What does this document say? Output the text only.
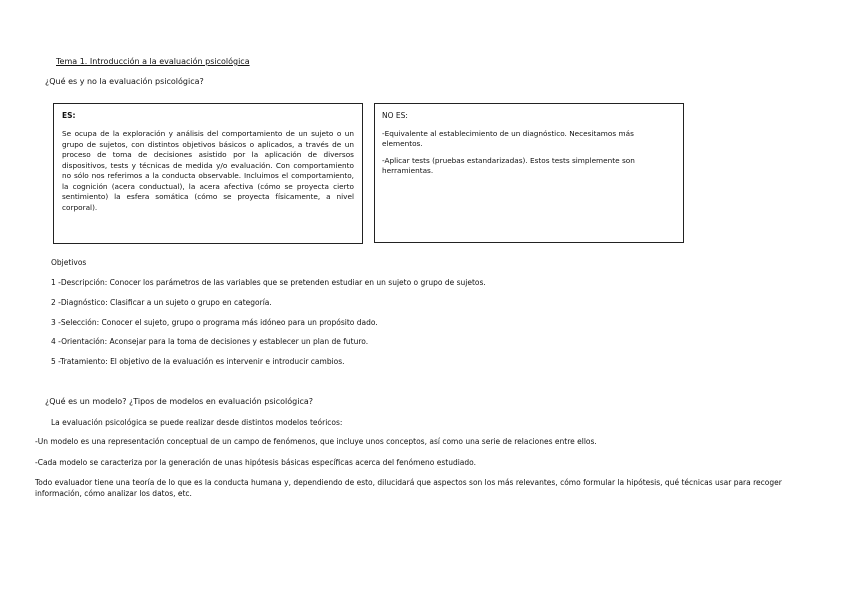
Tema 1. Introducción a la evaluación psicológica
¿Qué es y no la evaluación psicológica?
ES:
Se ocupa de la exploración y análisis del comportamiento de un sujeto o un grupo de sujetos, con distintos objetivos básicos o aplicados, a través de un proceso de toma de decisiones asistido por la aplicación de diversos dispositivos, tests y técnicas de medida y/o evaluación. Con comportamiento no sólo nos referimos a la conducta observable. Incluimos el comportamiento, la cognición (acera conductual), la acera afectiva (cómo se proyecta cierto sentimiento) la esfera somática (cómo se proyecta físicamente, a nivel corporal).
NO ES:
-Equivalente al establecimiento de un diagnóstico. Necesitamos más elementos.
-Aplicar tests (pruebas estandarizadas). Estos tests simplemente son herramientas.
Objetivos
1 -Descripción: Conocer los parámetros de las variables que se pretenden estudiar en un sujeto o grupo de sujetos.
2 -Diagnóstico: Clasificar a un sujeto o grupo en categoría.
3 -Selección: Conocer el sujeto, grupo o programa más idóneo para un propósito dado.
4 -Orientación: Aconsejar para la toma de decisiones y establecer un plan de futuro.
5 -Tratamiento: El objetivo de la evaluación es intervenir e introducir cambios.
¿Qué es un modelo? ¿Tipos de modelos en evaluación psicológica?
La evaluación psicológica se puede realizar desde distintos modelos teóricos:
-Un modelo es una representación conceptual de un campo de fenómenos, que incluye unos conceptos, así como una serie de relaciones entre ellos.
-Cada modelo se caracteriza por la generación de unas hipótesis básicas específicas acerca del fenómeno estudiado.
Todo evaluador tiene una teoría de lo que es la conducta humana y, dependiendo de esto, dilucidará que aspectos son los más relevantes, cómo formular la hipótesis, qué técnicas usar para recoger información, cómo analizar los datos, etc.
